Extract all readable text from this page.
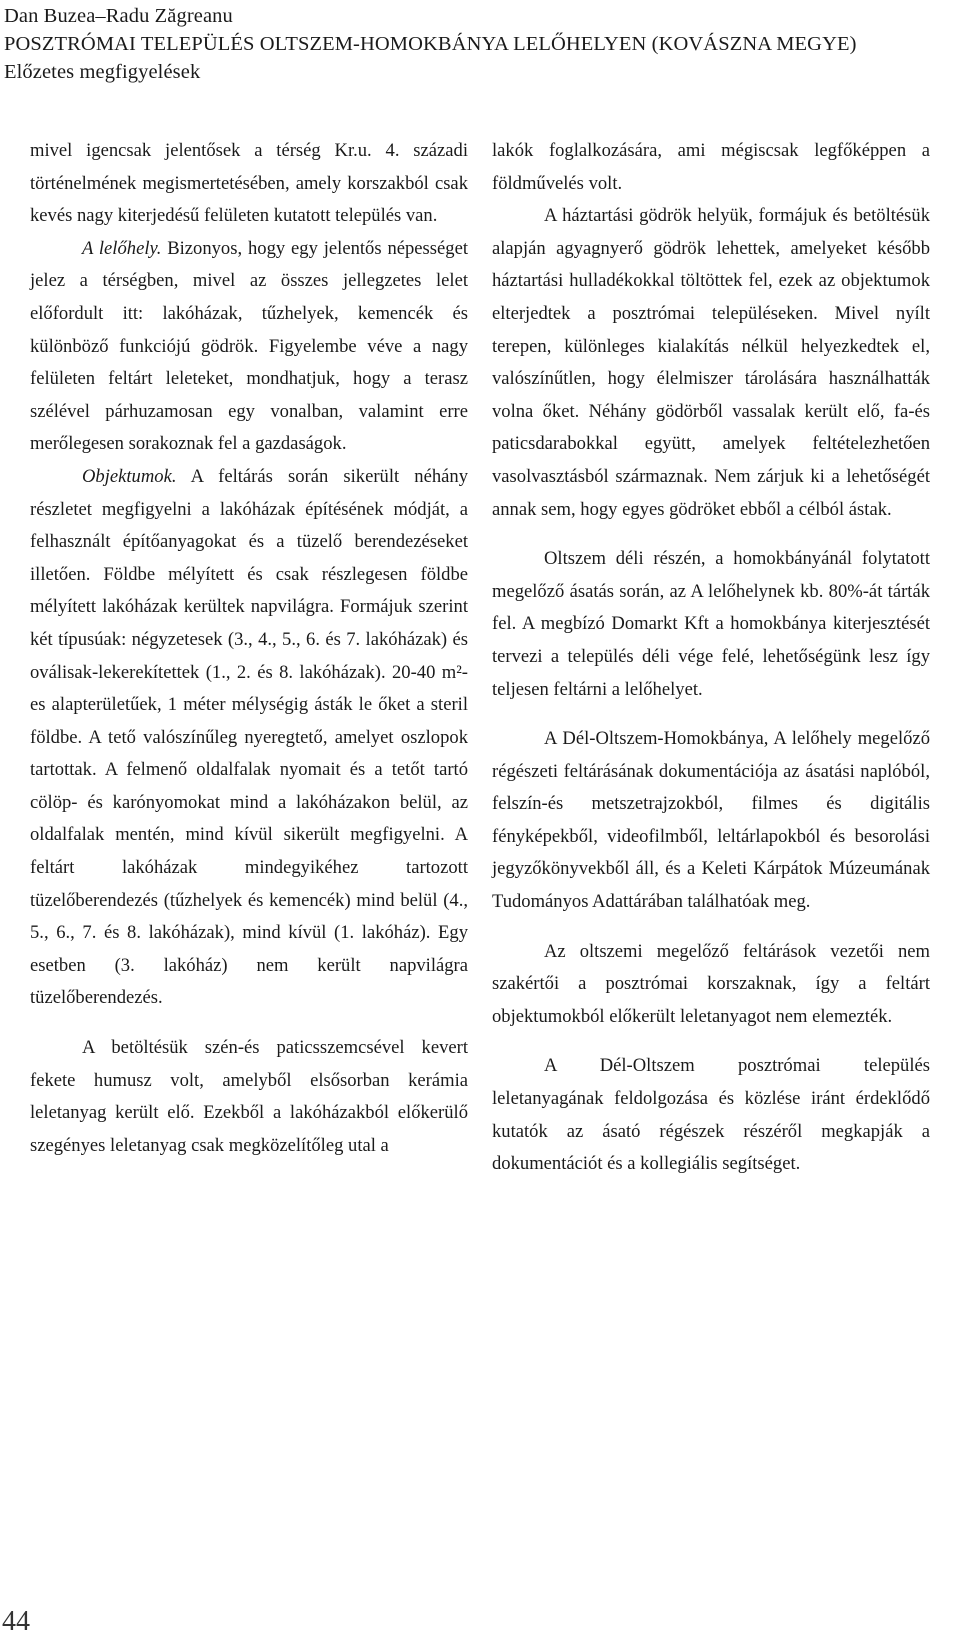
Dan Buzea–Radu Zăgreanu
POSZTRÓMAI TELEPÜLÉS OLTSZEM-HOMOKBÁNYA LELŐHELYEN (KOVÁSZNA MEGYE)
Előzetes megfigyelések

mivel igencsak jelentősek a térség Kr.u. 4. századi történelmének megismertetésében, amely korszakból csak kevés nagy kiterjedésű felületen kutatott település van.

A lelőhely. Bizonyos, hogy egy jelentős népességet jelez a térségben, mivel az összes jellegzetes lelet előfordult itt: lakóházak, tűzhelyek, kemencék és különböző funkciójú gödrök. Figyelembe véve a nagy felületen feltárt leleteket, mondhatjuk, hogy a terasz szélével párhuzamosan egy vonalban, valamint erre merőlegesen sorakoznak fel a gazdaságok.

Objektumok. A feltárás során sikerült néhány részletet megfigyelni a lakóházak építésének módját, a felhasznált építőanyagokat és a tüzelő berendezéseket illetően. Földbe mélyített és csak részlegesen földbe mélyített lakóházak kerültek napvilágra. Formájuk szerint két típusúak: négyzetesek (3., 4., 5., 6. és 7. lakóházak) és oválisak-lekerekítettek (1., 2. és 8. lakóházak). 20-40 m²-es alapterületűek, 1 méter mélységig ásták le őket a steril földbe. A tető valószínűleg nyeregtető, amelyet oszlopok tartottak. A felmenő oldalfalak nyomait és a tetőt tartó cölöp- és karónyomokat mind a lakóházakon belül, az oldalfalak mentén, mind kívül sikerült megfigyelni. A feltárt lakóházak mindegyikéhez tartozott tüzelőberendezés (tűzhelyek és kemencék) mind belül (4., 5., 6., 7. és 8. lakóházak), mind kívül (1. lakóház). Egy esetben (3. lakóház) nem került napvilágra tüzelőberendezés.

A betöltésük szén-és paticsszemcsével kevert fekete humusz volt, amelyből elsősorban kerámia leletanyag került elő. Ezekből a lakóházakból előkerülő szegényes leletanyag csak megközelítőleg utal a

lakók foglalkozására, ami mégiscsak legfőképpen a földművelés volt.

A háztartási gödrök helyük, formájuk és betöltésük alapján agyagnyerő gödrök lehettek, amelyeket később háztartási hulladékokkal töltöttek fel, ezek az objektumok elterjedtek a posztrómai településeken. Mivel nyílt terepen, különleges kialakítás nélkül helyezkedtek el, valószínűtlen, hogy élelmiszer tárolására használhatták volna őket. Néhány gödörből vassalak került elő, fa-és paticsdarabokkal együtt, amelyek feltételezhetően vasolvasztásból származnak. Nem zárjuk ki a lehetőségét annak sem, hogy egyes gödröket ebből a célból ástak.

Oltszem déli részén, a homokbányánál folytatott megelőző ásatás során, az A lelőhelynek kb. 80%-át tárták fel. A megbízó Domarkt Kft a homokbánya kiterjesztését tervezi a település déli vége felé, lehetőségünk lesz így teljesen feltárni a lelőhelyet.

A Dél-Oltszem-Homokbánya, A lelőhely megelőző régészeti feltárásának dokumentációja az ásatási naplóból, felszín-és metszetrajzokból, filmes és digitális fényképekből, videofilmből, leltárlapokból és besorolási jegyzőkönyvekből áll, és a Keleti Kárpátok Múzeumának Tudományos Adattárában találhatóak meg.

Az oltszemi megelőző feltárások vezetői nem szakértői a posztrómai korszaknak, így a feltárt objektumokból előkerült leletanyagot nem elemezték.

A Dél-Oltszem posztrómai település leletanyagának feldolgozása és közlése iránt érdeklődő kutatók az ásató régészek részéről megkapják a dokumentációt és a kollegiális segítséget.

44
